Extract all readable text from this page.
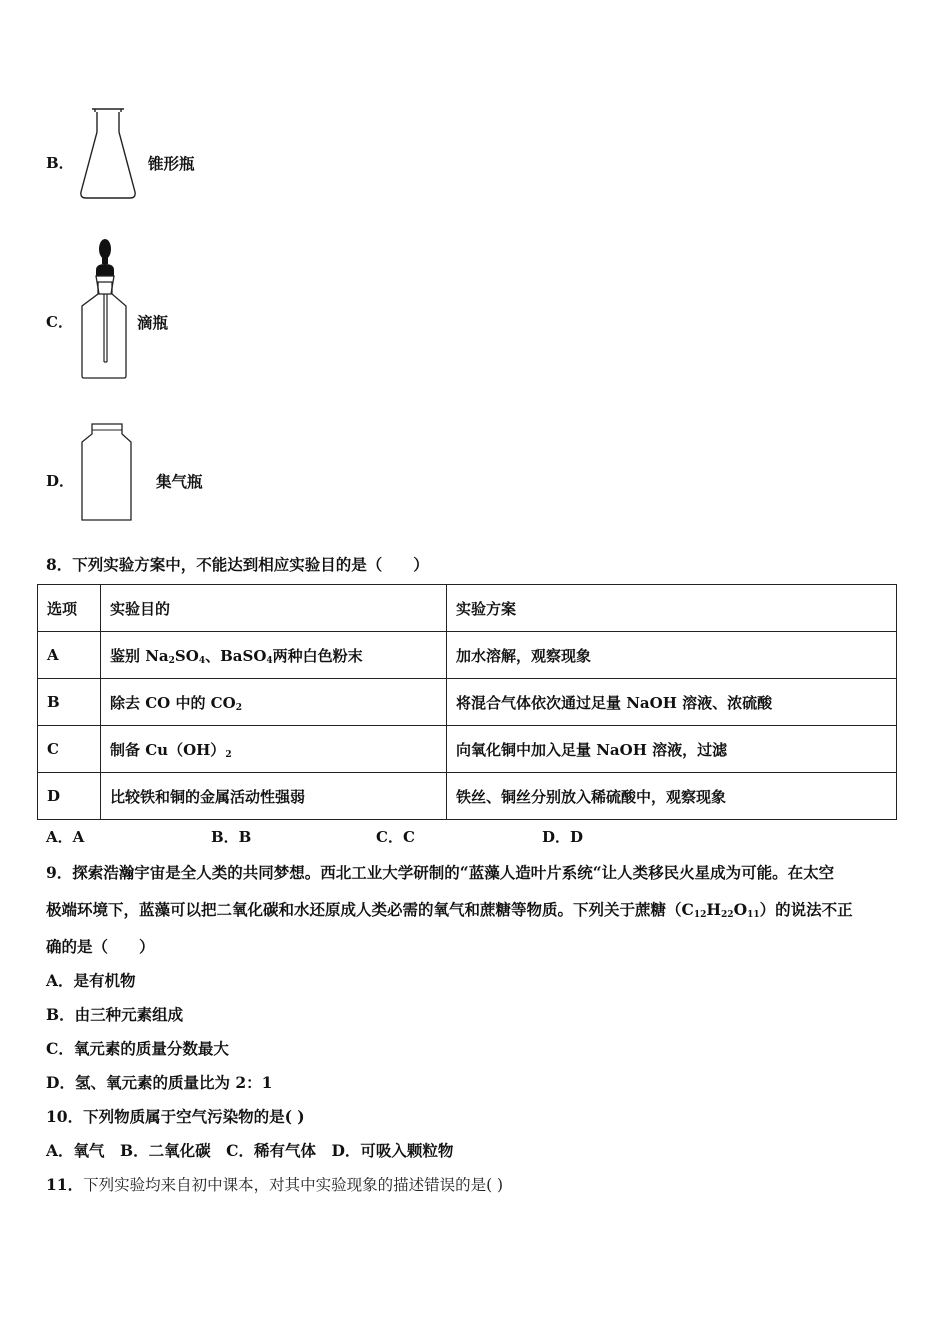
B．	锥形瓶
C．	滴瓶
D．	集气瓶
8．下列实验方案中，不能达到相应实验目的是（　　）
选项	实验目的	实验方案
A	鉴别 $Na_2SO_4$、BaSO$_4$两种白色粉末	加水溶解，观察现象
B	除去 CO 中的 $CO_2$	将混合气体依次通过足量 NaOH 溶液、浓硫酸
C	制备 $Cu(OH)_2$	向氧化铜中加入足量 NaOH 溶液，过滤
D	比较铁和铜的金属活动性强弱	铁丝、铜丝分别放入稀硫酸中，观察现象
A．A	B．B	C．C	D．D
9．探索浩瀚宇宙是全人类的共同梦想。西北工业大学研制的“蓝藻人造叶片系统“让人类移民火星成为可能。在太空
极端环境下，蓝藻可以把二氧化碳和水还原成人类必需的氧气和蔗糖等物质。下列关于蔗糖$(C_{12}H_{22}O_{11})$的说法不正
确的是（　　）
A．是有机物
B．由三种元素组成
C．氧元素的质量分数最大
D．氢、氧元素的质量比为 2：1
10．下列物质属于空气污染物的是( )
A．氧气　B．二氧化碳　C．稀有气体　D．可吸入颗粒物
11．下列实验均来自初中课本，对其中实验现象的描述错误的是( )
